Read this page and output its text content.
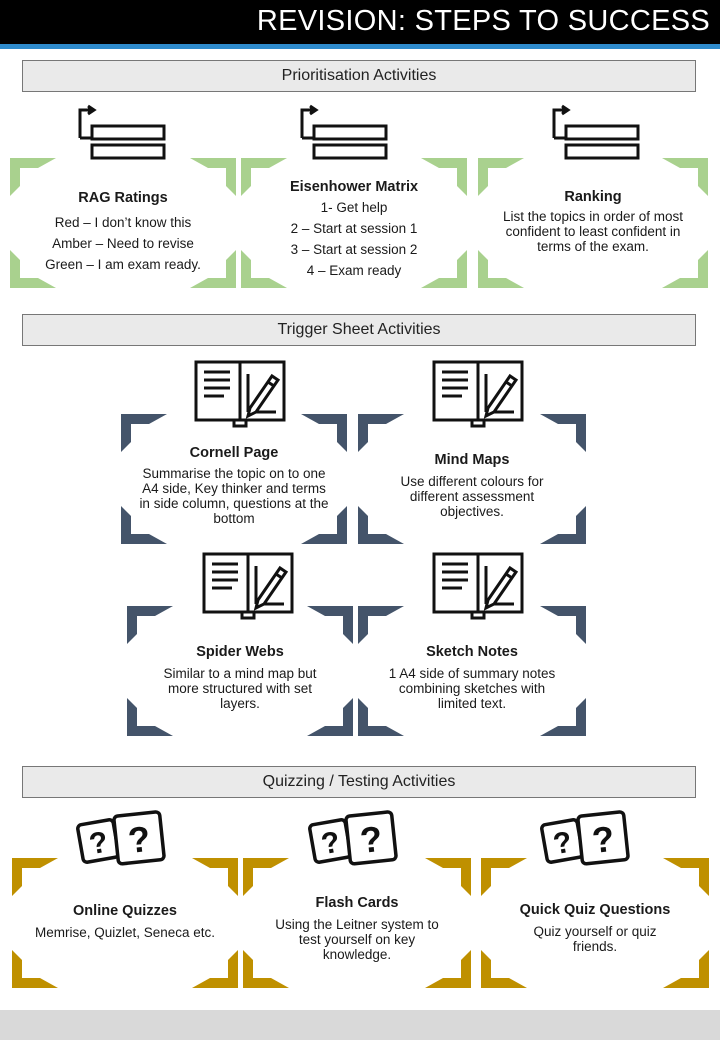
REVISION: STEPS TO SUCCESS
Prioritisation Activities
RAG Ratings
Red – I don’t know this
Amber – Need to revise
Green – I am exam ready.
Eisenhower Matrix
1- Get help
2 – Start at session 1
3 – Start at session 2
4 – Exam ready
Ranking
List the topics in order of most confident to least confident in terms of the exam.
Trigger Sheet Activities
Cornell Page
Summarise the topic on to one A4 side, Key thinker and terms in side column, questions at the bottom
Mind Maps
Use different colours for different assessment objectives.
Spider Webs
Similar to a mind map but more structured with set layers.
Sketch Notes
1 A4 side of summary notes combining sketches with limited text.
Quizzing / Testing Activities
Online Quizzes
Memrise, Quizlet, Seneca etc.
Flash Cards
Using the Leitner system to test yourself on key knowledge.
Quick Quiz Questions
Quiz yourself or quiz friends.
